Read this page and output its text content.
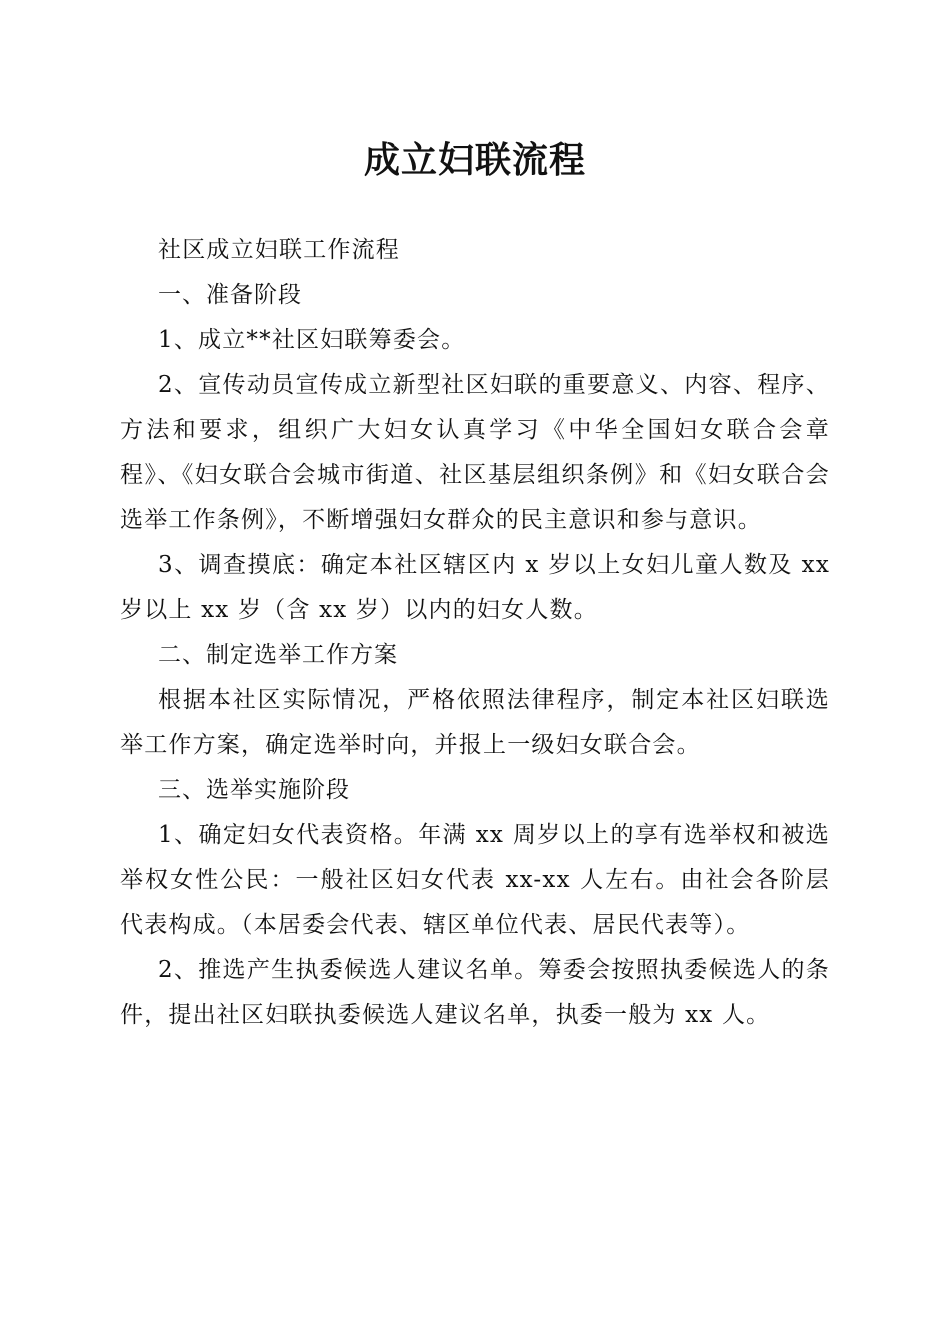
成立妇联流程

社区成立妇联工作流程

一、准备阶段

1、成立**社区妇联筹委会。

2、宣传动员宣传成立新型社区妇联的重要意义、内容、程序、方法和要求，组织广大妇女认真学习《中华全国妇女联合会章程》、《妇女联合会城市街道、社区基层组织条例》和《妇女联合会选举工作条例》，不断增强妇女群众的民主意识和参与意识。

3、调查摸底：确定本社区辖区内 x 岁以上女妇儿童人数及 xx 岁以上 xx 岁（含 xx 岁）以内的妇女人数。

二、制定选举工作方案

根据本社区实际情况，严格依照法律程序，制定本社区妇联选举工作方案，确定选举时向，并报上一级妇女联合会。

三、选举实施阶段

1、确定妇女代表资格。年满 xx 周岁以上的享有选举权和被选举权女性公民：一般社区妇女代表 xx-xx 人左右。由社会各阶层代表构成。（本居委会代表、辖区单位代表、居民代表等）。

2、推选产生执委候选人建议名单。筹委会按照执委候选人的条件，提出社区妇联执委候选人建议名单，执委一般为 xx 人。
